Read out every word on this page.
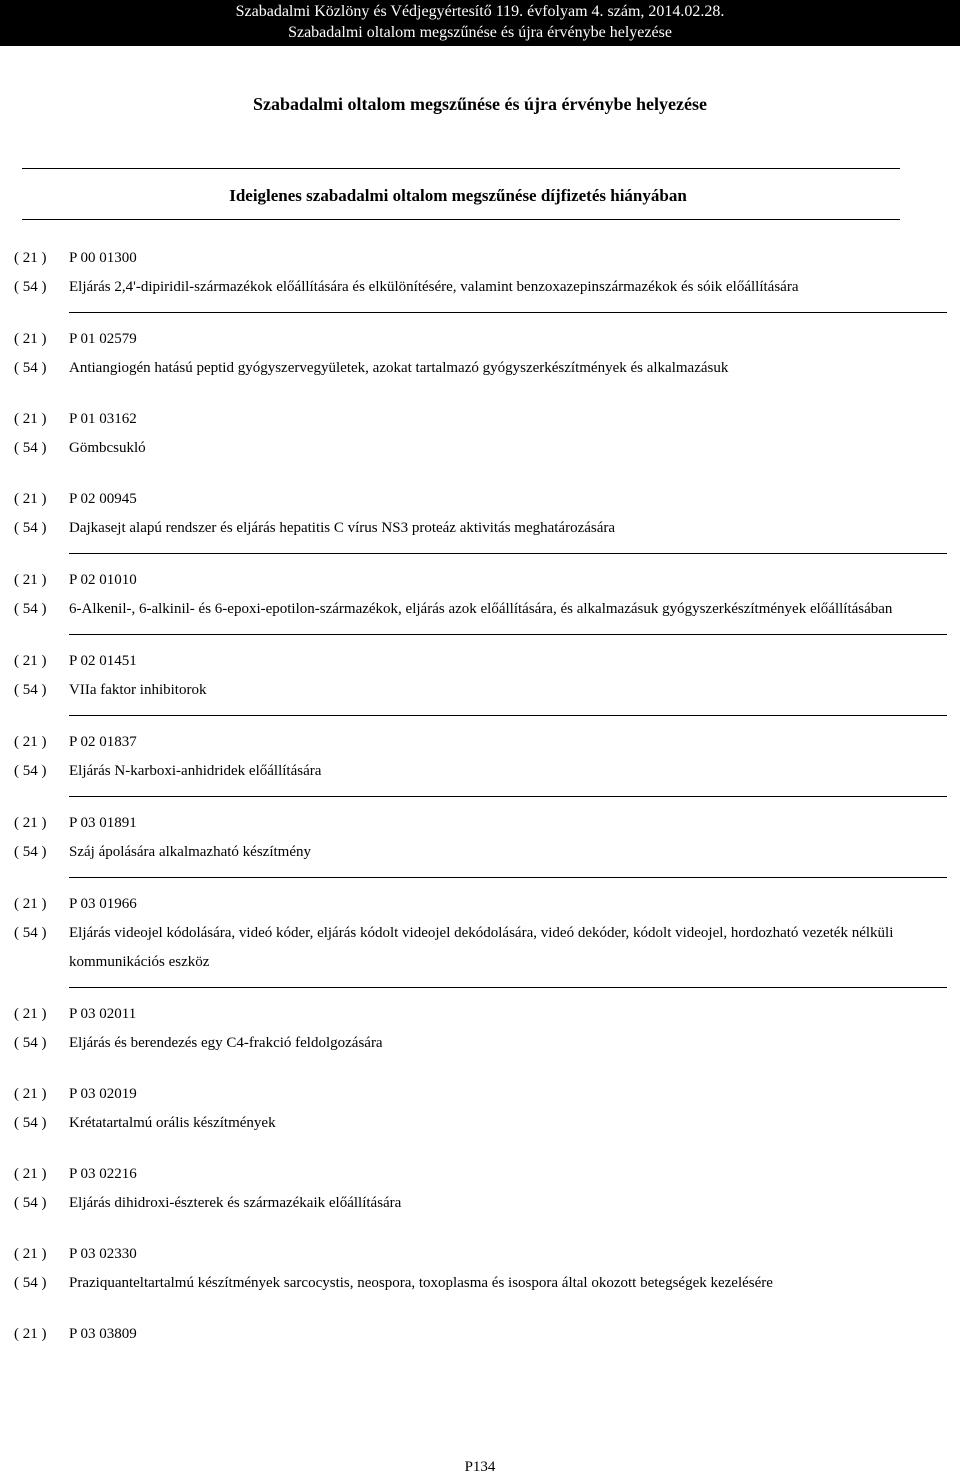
Szabadalmi Közlöny és Védjegyértesítő 119. évfolyam 4. szám, 2014.02.28.
Szabadalmi oltalom megszűnése és újra érvénybe helyezése
Szabadalmi oltalom megszűnése és újra érvénybe helyezése
Ideiglenes szabadalmi oltalom megszűnése díjfizetés hiányában
( 21 )	P 00 01300
( 54 )	Eljárás 2,4'-dipiridil-származékok előállítására és elkülönítésére, valamint benzoxazepinszármazékok és sóik előállítására
( 21 )	P 01 02579
( 54 )	Antiangiogén hatású peptid gyógyszervegyületek, azokat tartalmazó gyógyszerkészítmények és alkalmazásuk
( 21 )	P 01 03162
( 54 )	Gömbcsukló
( 21 )	P 02 00945
( 54 )	Dajkasejt alapú rendszer és eljárás hepatitis C vírus NS3 proteáz aktivitás meghatározására
( 21 )	P 02 01010
( 54 )	6-Alkenil-, 6-alkinil- és 6-epoxi-epotilon-származékok, eljárás azok előállítására, és alkalmazásuk gyógyszerkészítmények előállításában
( 21 )	P 02 01451
( 54 )	VIIa faktor inhibitorok
( 21 )	P 02 01837
( 54 )	Eljárás N-karboxi-anhidridek előállítására
( 21 )	P 03 01891
( 54 )	Száj ápolására alkalmazható készítmény
( 21 )	P 03 01966
( 54 )	Eljárás videojel kódolására, videó kóder, eljárás kódolt videojel dekódolására, videó dekóder, kódolt videojel, hordozható vezeték nélküli kommunikációs eszköz
( 21 )	P 03 02011
( 54 )	Eljárás és berendezés egy C4-frakció feldolgozására
( 21 )	P 03 02019
( 54 )	Krétatartalmú orális készítmények
( 21 )	P 03 02216
( 54 )	Eljárás dihidroxi-észterek és származékaik előállítására
( 21 )	P 03 02330
( 54 )	Praziquanteltartalmú készítmények sarcocystis, neospora, toxoplasma és isospora által okozott betegségek kezelésére
( 21 )	P 03 03809
P134
